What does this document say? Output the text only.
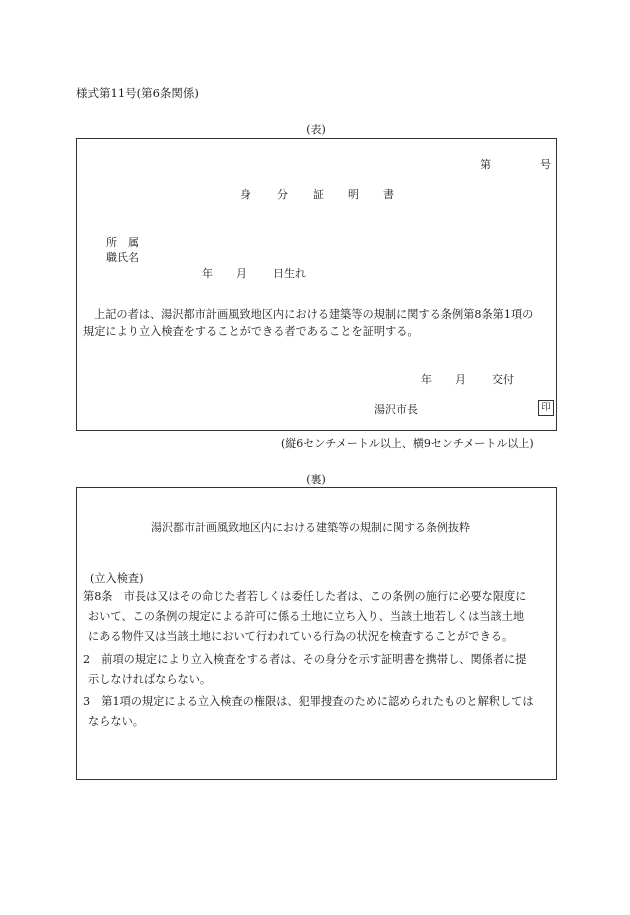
様式第11号(第6条関係)
(表)
第	号
身 分 証 明 書
所　属
職氏名
年 月 日生れ
上記の者は、湯沢都市計画風致地区内における建築等の規制に関する条例第8条第1項の
規定により立入検査をすることができる者であることを証明する。
年 月 交付
湯沢市長	印
(縦6センチメートル以上、横9センチメートル以上)
(裏)
湯沢都市計画風致地区内における建築等の規制に関する条例抜粋
(立入検査)
第8条　市長は又はその命じた者若しくは委任した者は、この条例の施行に必要な限度に
おいて、この条例の規定による許可に係る土地に立ち入り、当該土地若しくは当該土地
にある物件又は当該土地において行われている行為の状況を検査することができる。
2　前項の規定により立入検査をする者は、その身分を示す証明書を携帯し、関係者に提
示しなければならない。
3　第1項の規定による立入検査の権限は、犯罪捜査のために認められたものと解釈しては
ならない。
